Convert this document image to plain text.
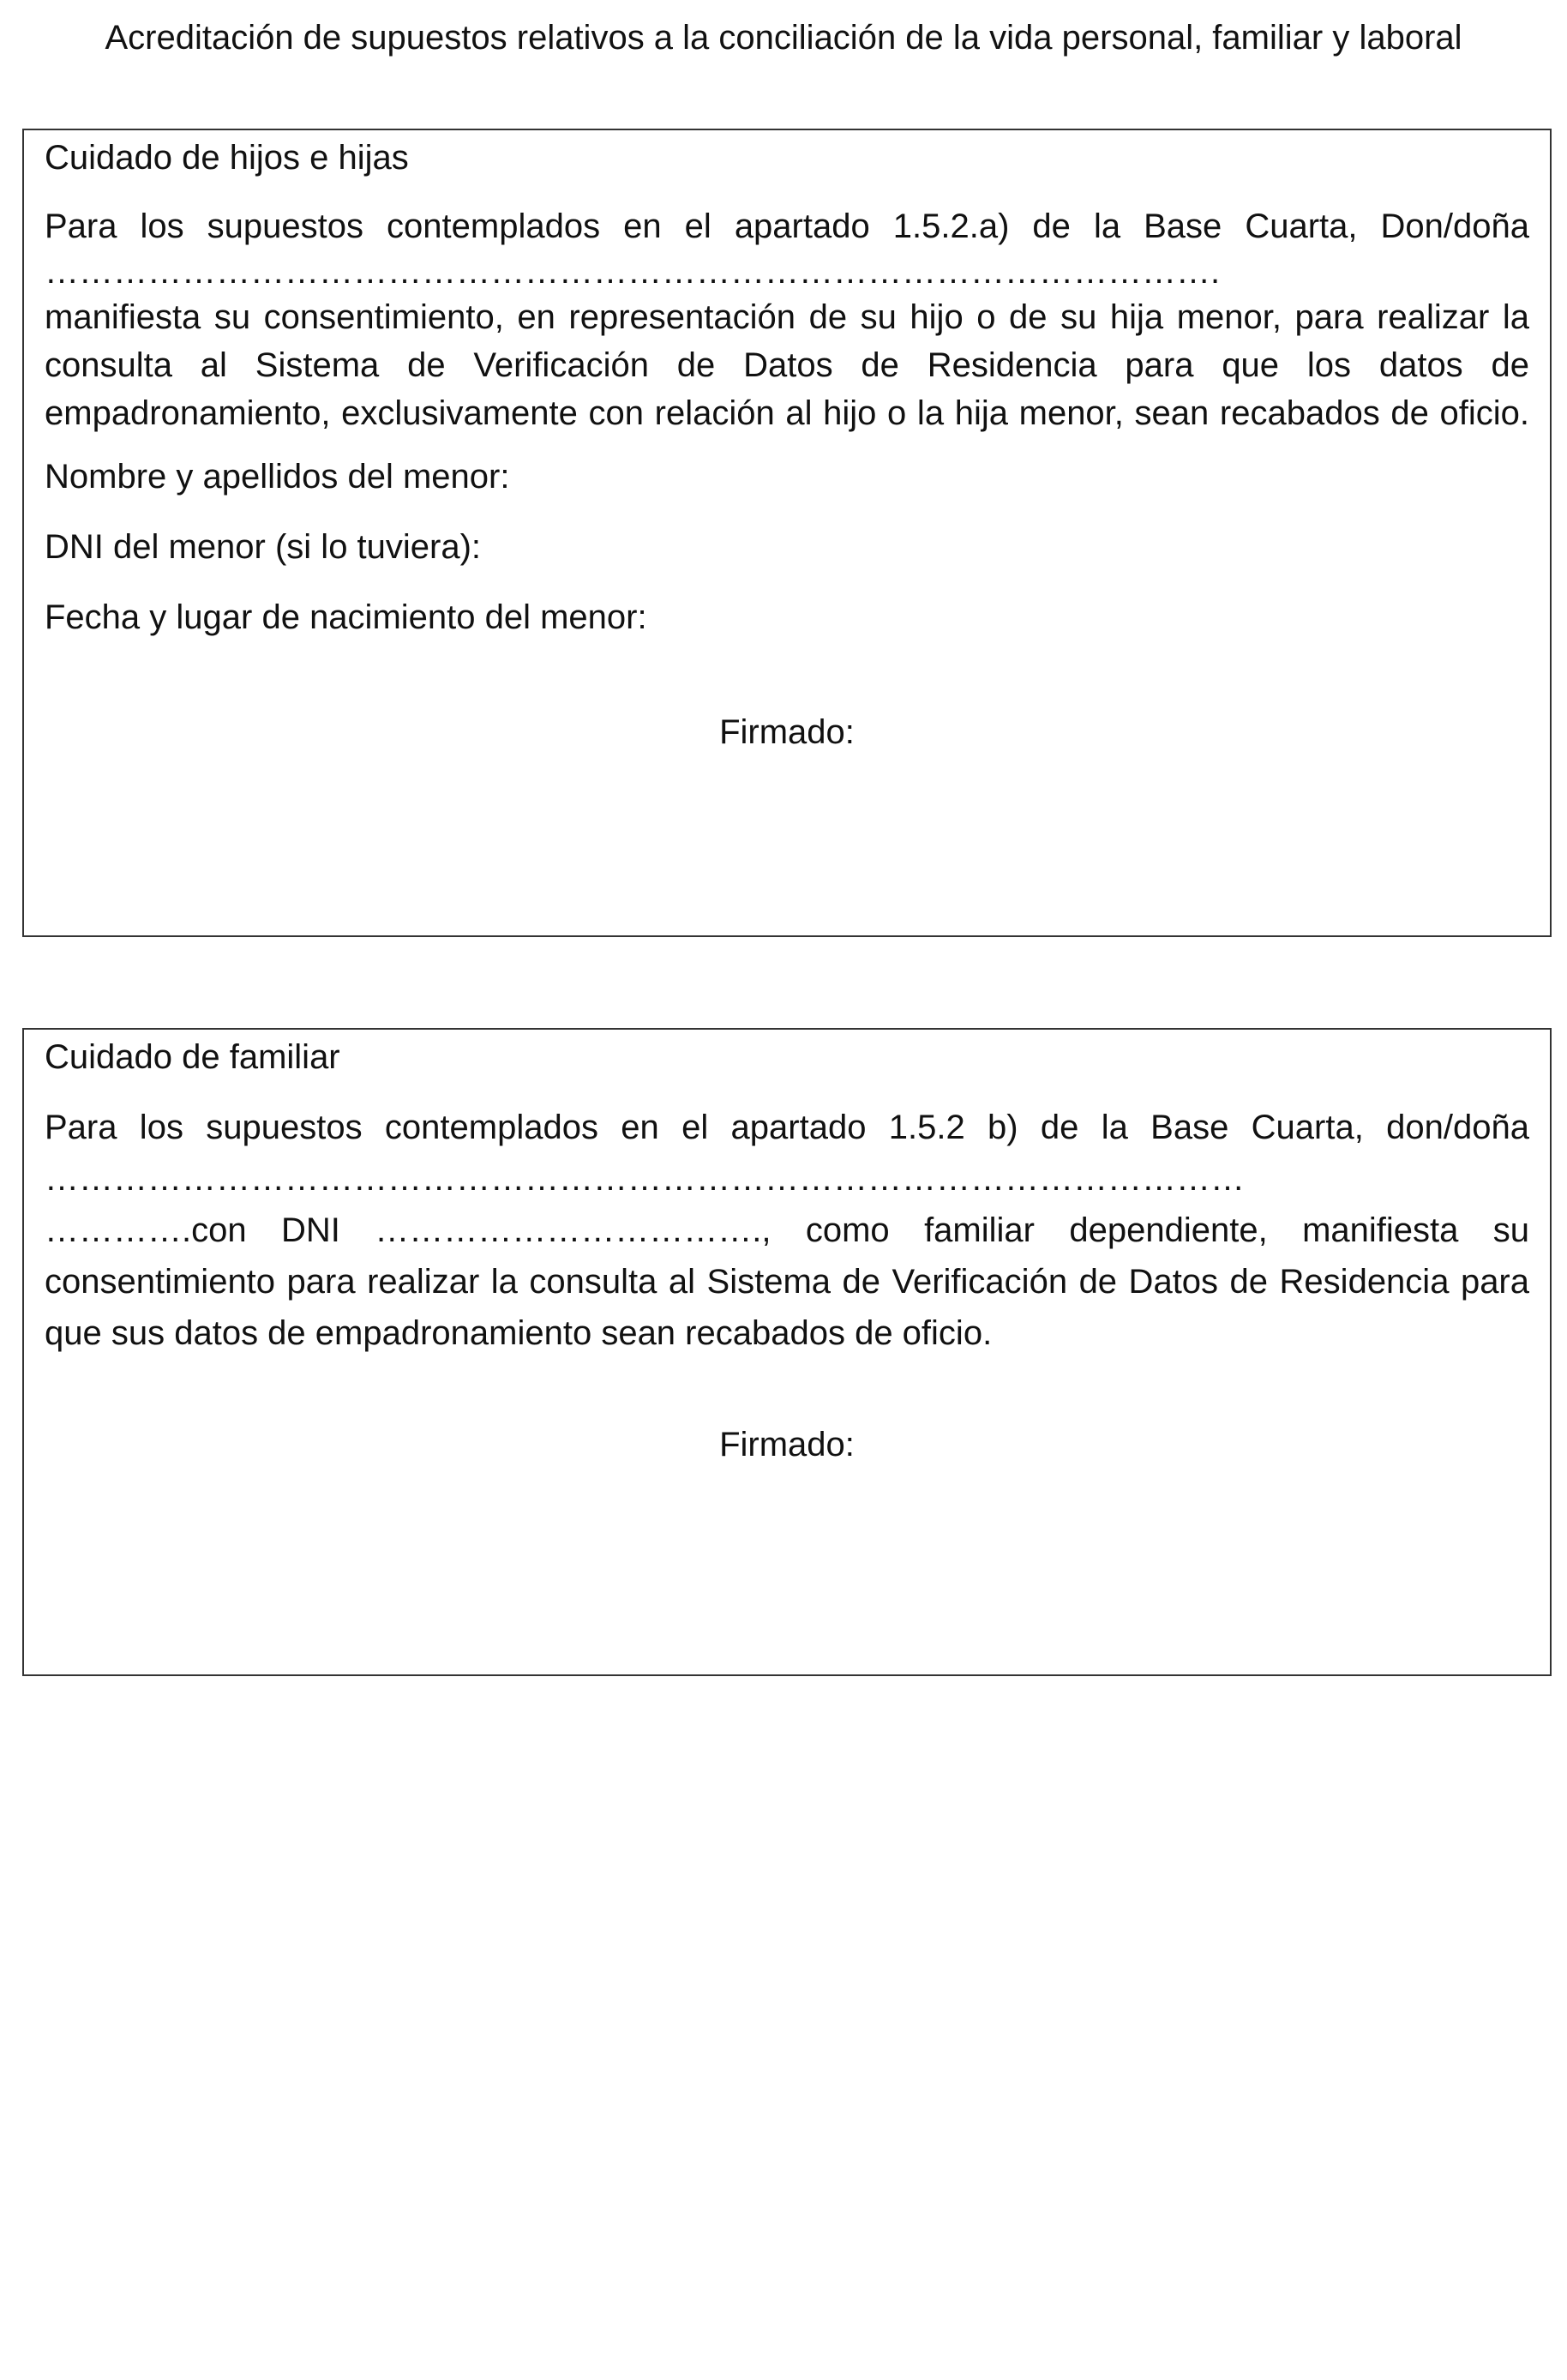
Acreditación de supuestos relativos a la conciliación de la vida personal, familiar y laboral
Cuidado de hijos e hijas
Para los supuestos contemplados en el apartado 1.5.2.a) de la Base Cuarta, Don/doña
………………………………………………………………………………………….
manifiesta su consentimiento, en representación de su hijo o de su hija menor, para realizar la
consulta al Sistema de Verificación de Datos de Residencia para que los datos de
empadronamiento, exclusivamente con relación al hijo o la hija menor, sean recabados de oficio.
Nombre y apellidos del menor:
DNI del menor (si lo tuviera):
Fecha y lugar de nacimiento del menor:
Firmado:
Cuidado de familiar
Para los supuestos contemplados en el apartado 1.5.2 b) de la Base Cuarta, don/doña
……………………………………………………………………………………………
………….con DNI ……………………………., como familiar dependiente, manifiesta su
consentimiento para realizar la consulta al Sistema de Verificación de Datos de Residencia para
que sus datos de empadronamiento sean recabados de oficio.
Firmado:
